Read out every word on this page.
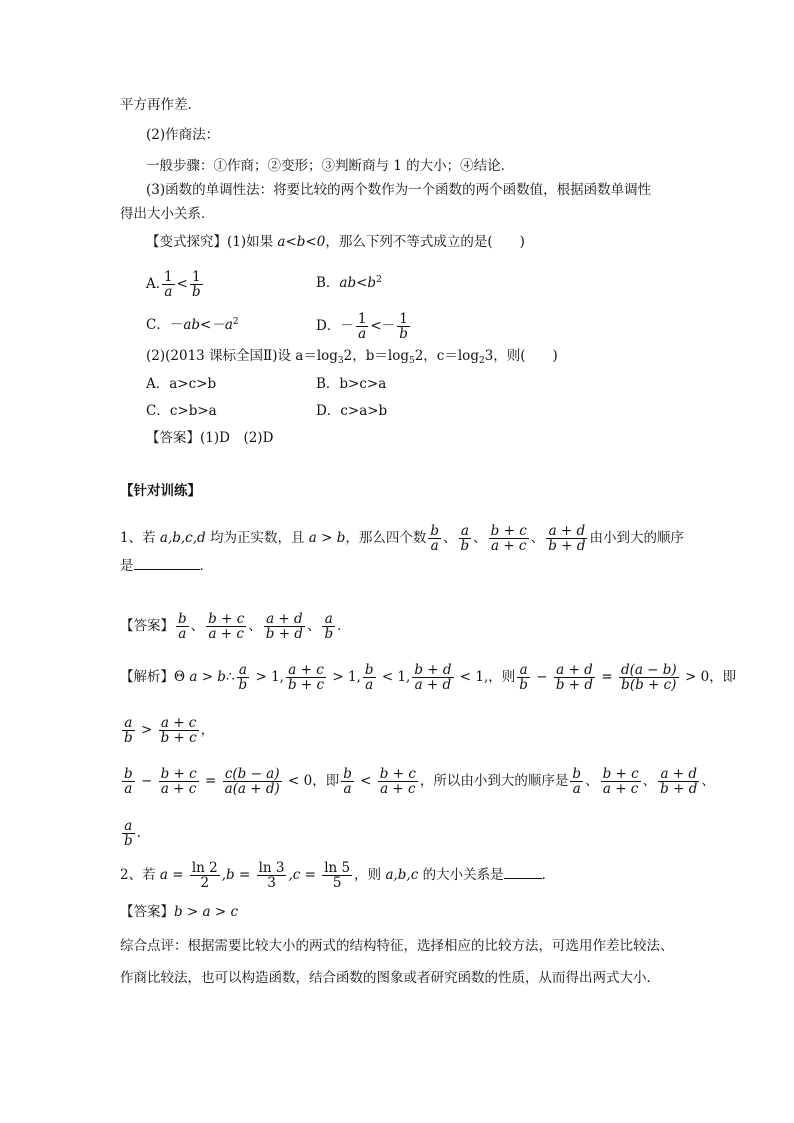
平方再作差．
(2)作商法：
一般步骤：①作商；②变形；③判断商与 1 的大小；④结论．
(3)函数的单调性法：将要比较的两个数作为一个函数的两个函数值，根据函数单调性
得出大小关系．
【变式探究】(1)如果 a<b<0，那么下列不等式成立的是(　　)
A. $\frac{1}{a} < \frac{1}{b}$	B．$ab<b^2$
C．$-ab<-a^2$	D．－ $\frac{1}{a} <- \frac{1}{b}$
(2)(2013 课标全国Ⅱ)设 $a=\log_32$，$b=\log_52$，$c=\log_23$，则(　　)
A．a>c>b	B．b>c>a
C．c>b>a	D．c>a>b
【答案】(1)D　(2)D
【针对训练】
1、若 a,b,c,d 均为正实数，且 a > b，那么四个数 $\frac{b}{a}$ 、 $\frac{a}{b}$ 、 $\frac{b + c}{a + c}$ 、 $\frac{a + d}{b + d}$ 由小到大的顺序
是	．
【答案】 $\frac{b}{a}$ 、 $\frac{b + c}{a + c}$ 、 $\frac{a + d}{b + d}$ 、 $\frac{a}{b}$ ．
【解析】Θ a > b∴ $\frac{a}{b} > 1$, $\frac{a + c}{b + c} > 1$, $\frac{b}{a} < 1$, $\frac{b + d}{a + d} < 1$,，则 $\frac{a}{b} - \frac{a + d}{b + d} = \frac{d(a - b)}{b(b + c)} > 0$，即
$\frac{a}{b} > \frac{a + c}{b + c}$ ，
$\frac{b}{a} - \frac{b + c}{a + c} = \frac{c(b - a)}{a(a + d)} < 0$，即 $\frac{b}{a} < \frac{b + c}{a + c}$ ，所以由小到大的顺序是 $\frac{b}{a}$ 、 $\frac{b + c}{a + c}$ 、 $\frac{a + d}{b + d}$ 、
$\frac{a}{b}$ .
2、若 $a = \frac{\ln 2}{2} ,b = \frac{\ln 3}{3} ,c = \frac{\ln 5}{5}$ ，则 a,b,c 的大小关系是	．
【答案】b > a > c
综合点评：根据需要比较大小的两式的结构特征，选择相应的比较方法，可选用作差比较法、
作商比较法，也可以构造函数，结合函数的图象或者研究函数的性质，从而得出两式大小．
